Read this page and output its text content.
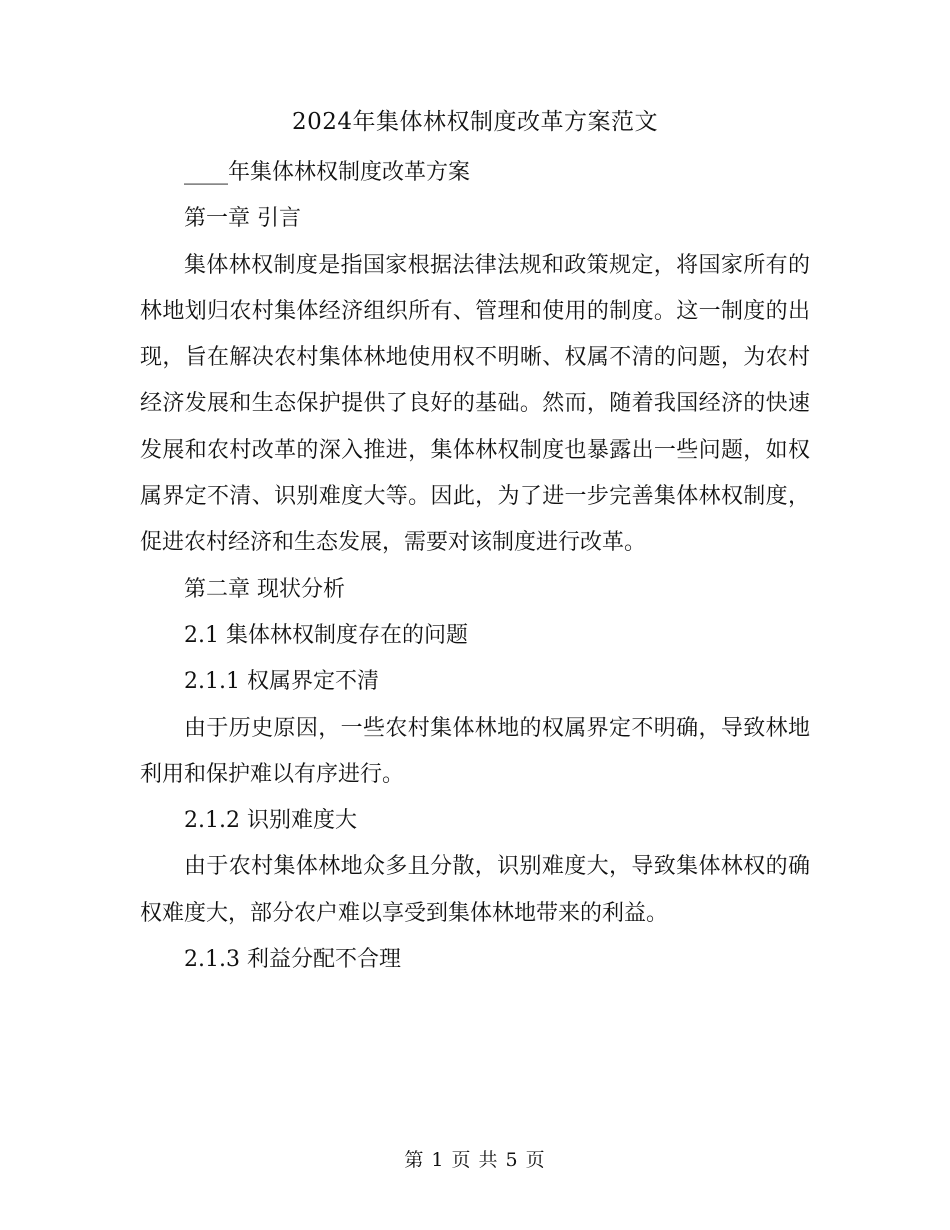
2024年集体林权制度改革方案范文

____年集体林权制度改革方案

第一章 引言

集体林权制度是指国家根据法律法规和政策规定，将国家所有的林地划归农村集体经济组织所有、管理和使用的制度。这一制度的出现，旨在解决农村集体林地使用权不明晰、权属不清的问题，为农村经济发展和生态保护提供了良好的基础。然而，随着我国经济的快速发展和农村改革的深入推进，集体林权制度也暴露出一些问题，如权属界定不清、识别难度大等。因此，为了进一步完善集体林权制度，促进农村经济和生态发展，需要对该制度进行改革。

第二章 现状分析

2.1 集体林权制度存在的问题

2.1.1 权属界定不清

由于历史原因，一些农村集体林地的权属界定不明确，导致林地利用和保护难以有序进行。

2.1.2 识别难度大

由于农村集体林地众多且分散，识别难度大，导致集体林权的确权难度大，部分农户难以享受到集体林地带来的利益。

2.1.3 利益分配不合理

第 1 页 共 5 页
